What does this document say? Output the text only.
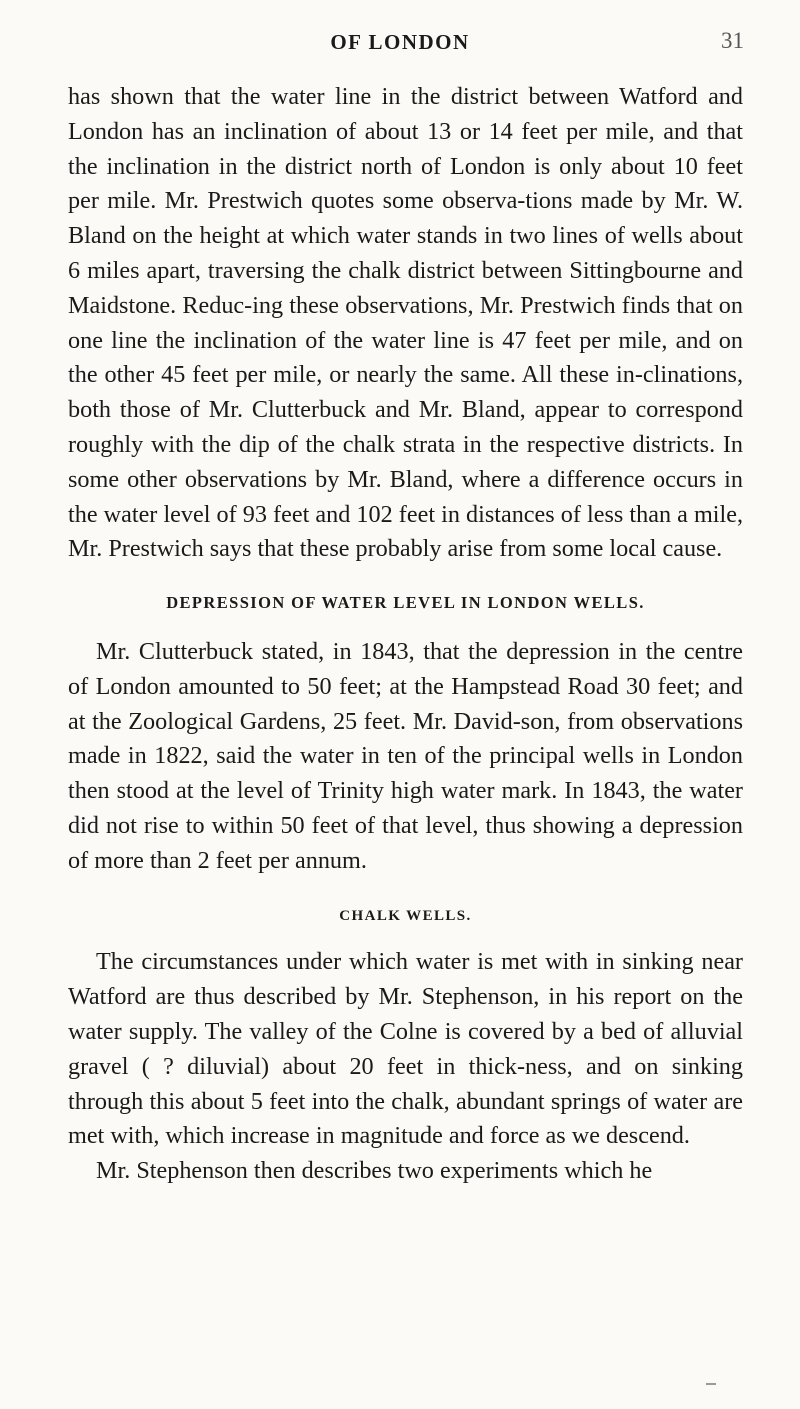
OF LONDON	31

has shown that the water line in the district between Watford and London has an inclination of about 13 or 14 feet per mile, and that the inclination in the district north of London is only about 10 feet per mile. Mr. Prestwich quotes some observa-tions made by Mr. W. Bland on the height at which water stands in two lines of wells about 6 miles apart, traversing the chalk district between Sittingbourne and Maidstone. Reduc-ing these observations, Mr. Prestwich finds that on one line the inclination of the water line is 47 feet per mile, and on the other 45 feet per mile, or nearly the same. All these in-clinations, both those of Mr. Clutterbuck and Mr. Bland, appear to correspond roughly with the dip of the chalk strata in the respective districts. In some other observations by Mr. Bland, where a difference occurs in the water level of 93 feet and 102 feet in distances of less than a mile, Mr. Prestwich says that these probably arise from some local cause.

DEPRESSION OF WATER LEVEL IN LONDON WELLS.

Mr. Clutterbuck stated, in 1843, that the depression in the centre of London amounted to 50 feet; at the Hampstead Road 30 feet; and at the Zoological Gardens, 25 feet. Mr. David-son, from observations made in 1822, said the water in ten of the principal wells in London then stood at the level of Trinity high water mark. In 1843, the water did not rise to within 50 feet of that level, thus showing a depression of more than 2 feet per annum.

CHALK WELLS.

The circumstances under which water is met with in sinking near Watford are thus described by Mr. Stephenson, in his report on the water supply. The valley of the Colne is covered by a bed of alluvial gravel ( ? diluvial) about 20 feet in thick-ness, and on sinking through this about 5 feet into the chalk, abundant springs of water are met with, which increase in magnitude and force as we descend.

Mr. Stephenson then describes two experiments which he
